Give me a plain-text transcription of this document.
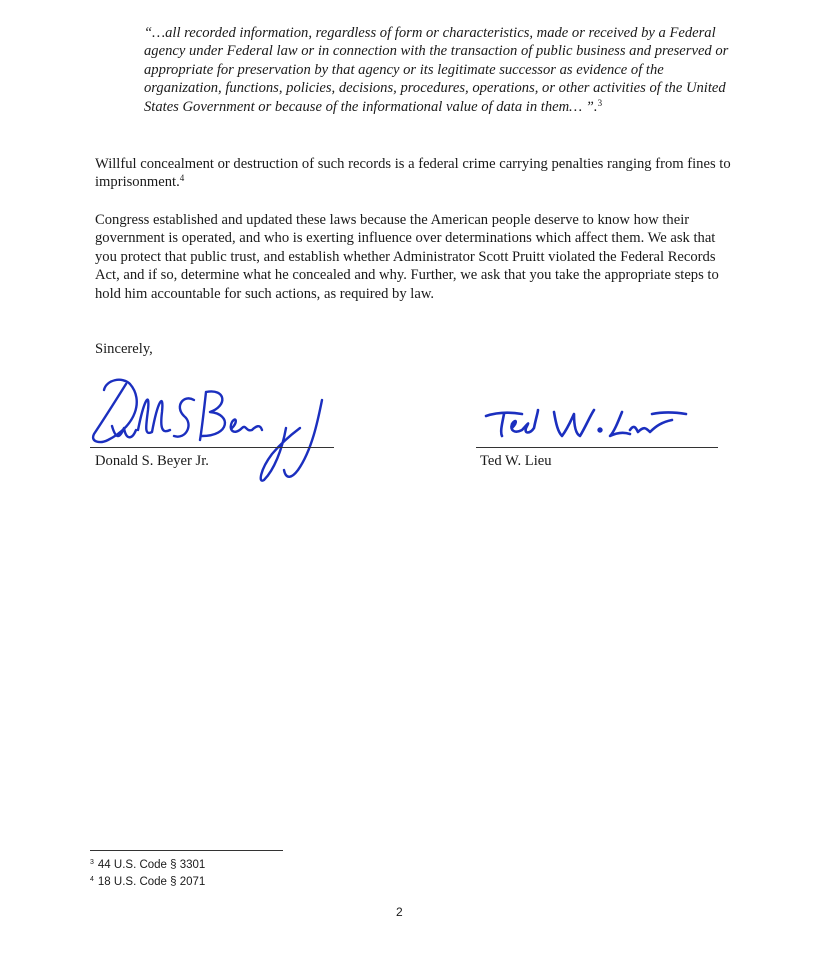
“…all recorded information, regardless of form or characteristics, made or received by a Federal agency under Federal law or in connection with the transaction of public business and preserved or appropriate for preservation by that agency or its legitimate successor as evidence of the organization, functions, policies, decisions, procedures, operations, or other activities of the United States Government or because of the informational value of data in them… ”.$^3$
Willful concealment or destruction of such records is a federal crime carrying penalties ranging from fines to imprisonment.$^4$
Congress established and updated these laws because the American people deserve to know how their government is operated, and who is exerting influence over determinations which affect them. We ask that you protect that public trust, and establish whether Administrator Scott Pruitt violated the Federal Records Act, and if so, determine what he concealed and why. Further, we ask that you take the appropriate steps to hold him accountable for such actions, as required by law.
Sincerely,
Donald S. Beyer Jr.	Ted W. Lieu
$^3$ 44 U.S. Code § 3301
$^4$ 18 U.S. Code § 2071
2
